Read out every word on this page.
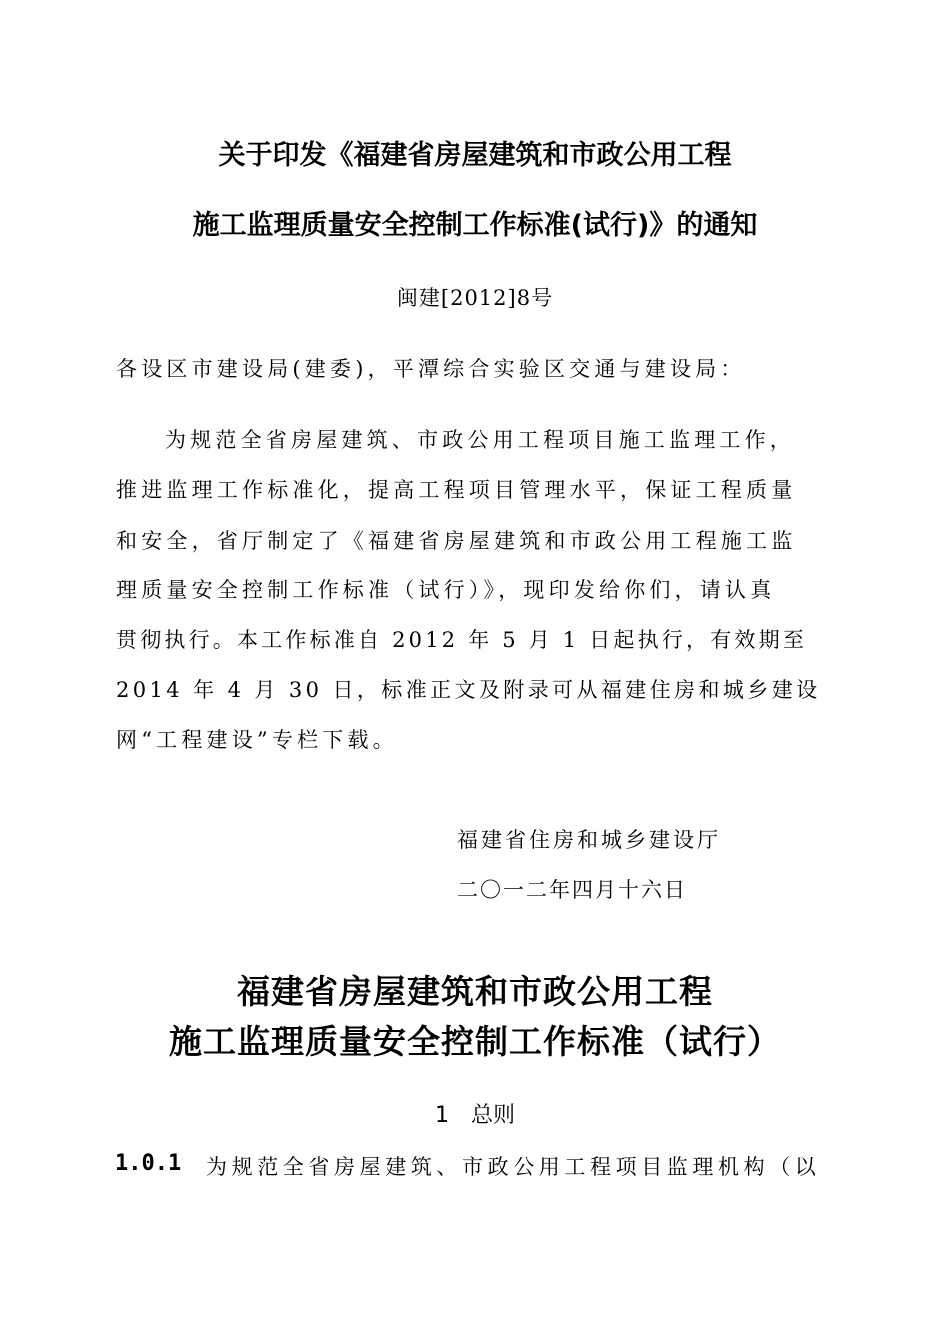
关于印发《福建省房屋建筑和市政公用工程
施工监理质量安全控制工作标准(试行)》的通知
闽建[2012]8号
各设区市建设局(建委)，平潭综合实验区交通与建设局：
为规范全省房屋建筑、市政公用工程项目施工监理工作，
推进监理工作标准化，提高工程项目管理水平，保证工程质量
和安全，省厅制定了《福建省房屋建筑和市政公用工程施工监
理质量安全控制工作标准（试行）》，现印发给你们，请认真
贯彻执行。本工作标准自 2012 年 5 月 1 日起执行，有效期至
2014 年 4 月 30 日，标准正文及附录可从福建住房和城乡建设
网“工程建设”专栏下载。
福建省住房和城乡建设厅
二〇一二年四月十六日
福建省房屋建筑和市政公用工程
施工监理质量安全控制工作标准（试行）
1　总则
1.0.1 为规范全省房屋建筑、市政公用工程项目监理机构（以
